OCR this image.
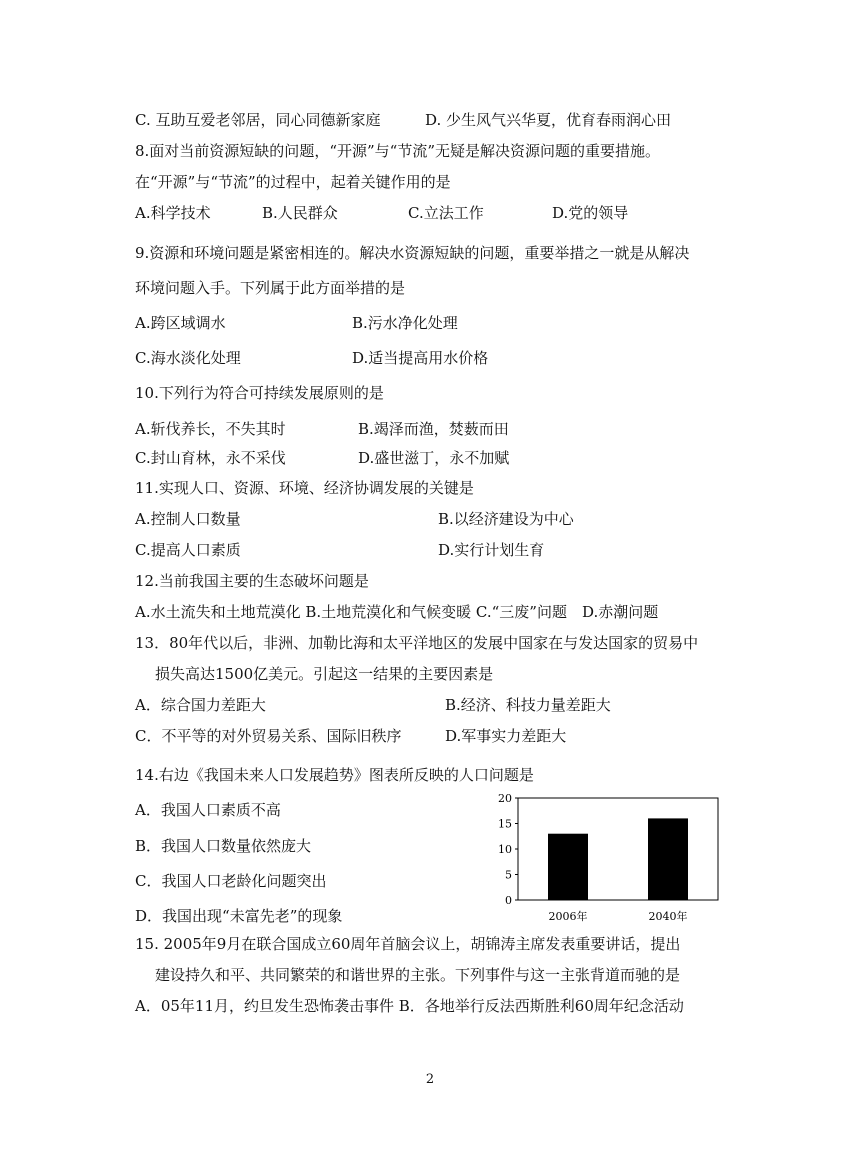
C. 互助互爱老邻居，同心同德新家庭	D. 少生风气兴华夏，优育春雨润心田
8.面对当前资源短缺的问题，“开源”与“节流”无疑是解决资源问题的重要措施。
在“开源”与“节流”的过程中，起着关键作用的是
A.科学技术	B.人民群众	C.立法工作	D.党的领导
9.资源和环境问题是紧密相连的。解决水资源短缺的问题，重要举措之一就是从解决
环境问题入手。下列属于此方面举措的是
A.跨区域调水	B.污水净化处理
C.海水淡化处理	D.适当提高用水价格
10.下列行为符合可持续发展原则的是
A.斩伐养长，不失其时	B.竭泽而渔，焚薮而田
C.封山育林，永不采伐	D.盛世滋丁，永不加赋
11.实现人口、资源、环境、经济协调发展的关键是
A.控制人口数量	B.以经济建设为中心
C.提高人口素质	D.实行计划生育
12.当前我国主要的生态破坏问题是
A.水土流失和土地荒漠化 B.土地荒漠化和气候变暖 C.“三废”问题　D.赤潮问题
13．80年代以后，非洲、加勒比海和太平洋地区的发展中国家在与发达国家的贸易中
损失高达1500亿美元。引起这一结果的主要因素是
A．综合国力差距大	B.经济、科技力量差距大
C．不平等的对外贸易关系、国际旧秩序	D.军事实力差距大
14.右边《我国未来人口发展趋势》图表所反映的人口问题是
A．我国人口素质不高
B．我国人口数量依然庞大
C．我国人口老龄化问题突出
D．我国出现“未富先老”的现象
0
5
10
15
20
2006年	2040年
15. 2005年9月在联合国成立60周年首脑会议上，胡锦涛主席发表重要讲话，提出
建设持久和平、共同繁荣的和谐世界的主张。下列事件与这一主张背道而驰的是
A．05年11月，约旦发生恐怖袭击事件 B．各地举行反法西斯胜利60周年纪念活动
2
